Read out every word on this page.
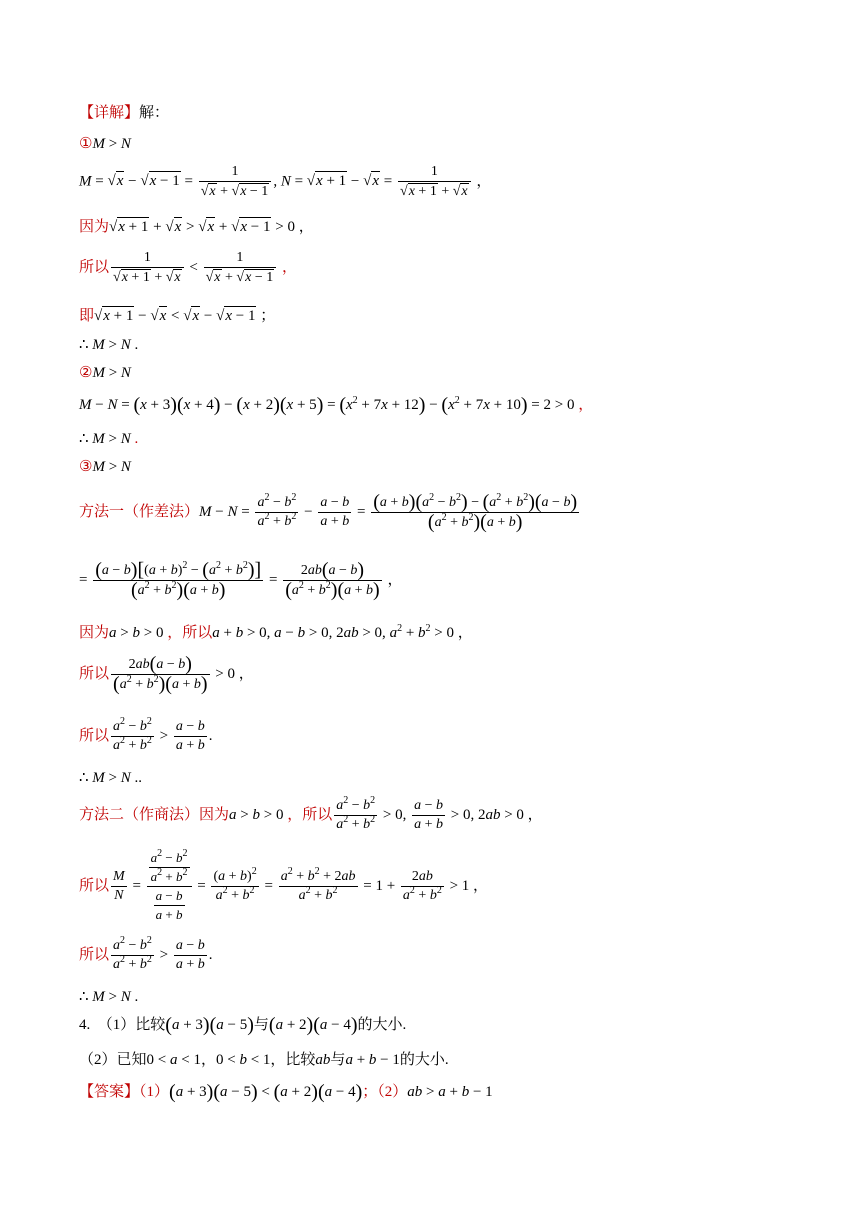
【详解】解：
①M > N
$M = √x - √x - 1 = \frac{1}{√x + √x - 1}$ , $N = √x + 1 - √x = \frac{1}{√x + 1 + √x}$ ，
因为√x + 1 + √x > √x + √x − 1 > 0 ，
所以 $\frac{1}{√x + 1 + √x} < \frac{1}{√x + √x - 1}$ ，
即√x + 1 − √x < √x − √x − 1 ；
∴ M > N .
②M > N
$M - N = (x + 3)(x + 4) - (x + 2)(x + 5) = (x^2 + 7x + 12) - (x^2 + 7x + 10) = 2 > 0$ ，
∴ M > N .
③M > N
方法一（作差法）$M - N = \frac{a^2 - b^2}{a^2 + b^2} - \frac{a - b}{a + b} = \frac{(a + b)(a^2 - b^2) - (a^2 + b^2)(a - b)}{(a^2 + b^2)(a + b)}$
= $\frac{(a - b)[(a + b)^2 - (a^2 + b^2)]}{(a^2 + b^2)(a + b)} = \frac{2ab(a - b)}{(a^2 + b^2)(a + b)}$ ，
因为a > b > 0 ，所以a + b > 0, a − b > 0, 2ab > 0, $a^2 + b^2 > 0$ ，
所以 $\frac{2ab(a - b)}{(a^2 + b^2)(a + b)} > 0$ ，
所以 $\frac{a^2 - b^2}{a^2 + b^2} > \frac{a - b}{a + b}$ .
∴ M > N ..
方法二（作商法）因为a > b > 0 ，所以 $\frac{a^2 - b^2}{a^2 + b^2} > 0$, $\frac{a - b}{a + b} > 0$, 2ab > 0 ，
所以 $\frac{M}{N} = \frac{\frac{a^2 - b^2}{a^2 + b^2}}{\frac{a - b}{a + b}} = \frac{(a + b)^2}{a^2 + b^2} = \frac{a^2 + b^2 + 2ab}{a^2 + b^2} = 1 + \frac{2ab}{a^2 + b^2} > 1$ ，
所以 $\frac{a^2 - b^2}{a^2 + b^2} > \frac{a - b}{a + b}$ .
∴ M > N .
4. （1）比较(a + 3)(a − 5)与(a + 2)(a − 4)的大小.
（2）已知0 < a < 1，0 < b < 1，比较ab与a + b − 1的大小.
【答案】（1）(a + 3)(a − 5) < (a + 2)(a − 4)；（2）ab > a + b − 1
